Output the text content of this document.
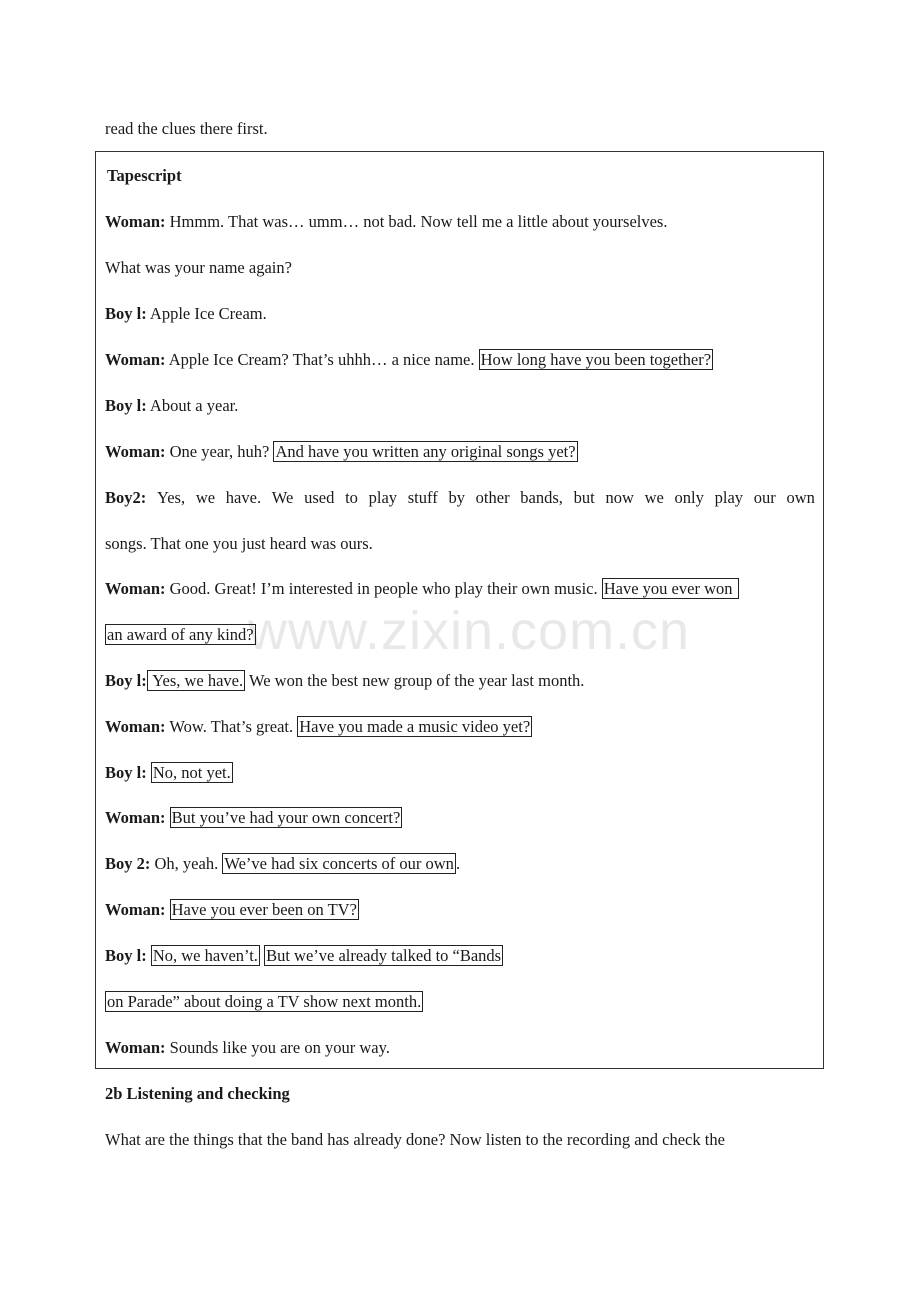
read the clues there first.
Tapescript
Woman: Hmmm. That was… umm… not bad. Now tell me a little about yourselves.
What was your name again?
Boy l: Apple Ice Cream.
Woman: Apple Ice Cream? That’s uhhh… a nice name. How long have you been together?
Boy l: About a year.
Woman: One year, huh? And have you written any original songs yet?
Boy2: Yes, we have. We used to play stuff by other bands, but now we only play our own
songs. That one you just heard was ours.
Woman: Good. Great! I’m interested in people who play their own music. Have you ever won
an award of any kind?
Boy l: Yes, we have. We won the best new group of the year last month.
Woman: Wow. That’s great. Have you made a music video yet?
Boy l: No, not yet.
Woman: But you’ve had your own concert?
Boy 2: Oh, yeah. We’ve had six concerts of our own .
Woman: Have you ever been on TV?
Boy l: No, we haven’t. But we’ve already talked to “Bands
on Parade” about doing a TV show next month.
Woman: Sounds like you are on your way.
2b Listening and checking
What are the things that the band has already done? Now listen to the recording and check the
www.zixin.com.cn
